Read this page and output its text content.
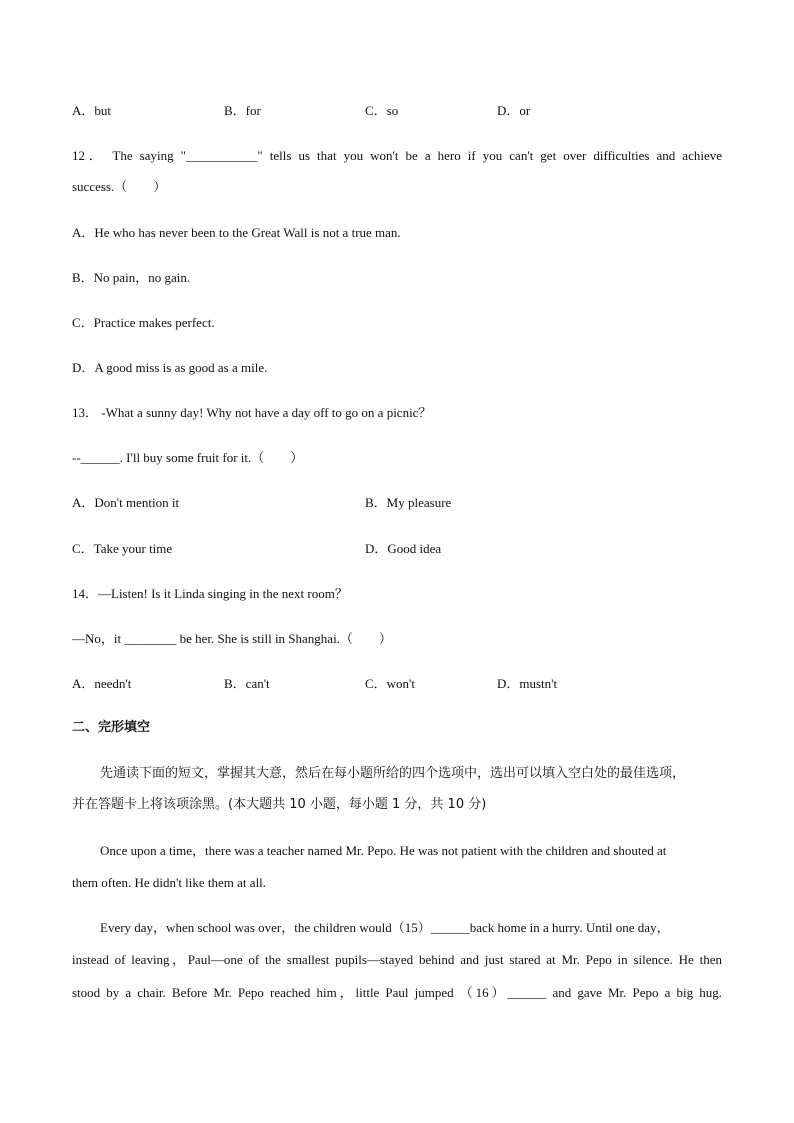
A．but	B．for	C．so	D．or
12． The saying "___________" tells us that you won't be a hero if you can't get over difficulties and achieve
success.（　　）
A．He who has never been to the Great Wall is not a true man.
B．No pain，no gain.
C．Practice makes perfect.
D．A good miss is as good as a mile.
13． -What a sunny day! Why not have a day off to go on a picnic？
--______. I'll buy some fruit for it.（　　）
A．Don't mention it	B．My pleasure
C．Take your time	D．Good idea
14．—Listen! Is it Linda singing in the next room？
—No，it ________ be her. She is still in Shanghai.（　　）
A．needn't	B．can't	C．won't	D．mustn't
二、完形填空
先通读下面的短文，掌握其大意，然后在每小题所给的四个选项中，选出可以填入空白处的最佳选项，
并在答题卡上将该项涂黑。(本大题共 10 小题，每小题 1 分，共 10 分)
Once upon a time，there was a teacher named Mr. Pepo. He was not patient with the children and shouted at
them often. He didn't like them at all.
Every day，when school was over，the children would（15）______back home in a hurry. Until one day，
instead of leaving，Paul—one of the smallest pupils—stayed behind and just stared at Mr. Pepo in silence. He then
stood by a chair. Before Mr. Pepo reached him，little Paul jumped （16）______ and gave Mr. Pepo a big hug.
